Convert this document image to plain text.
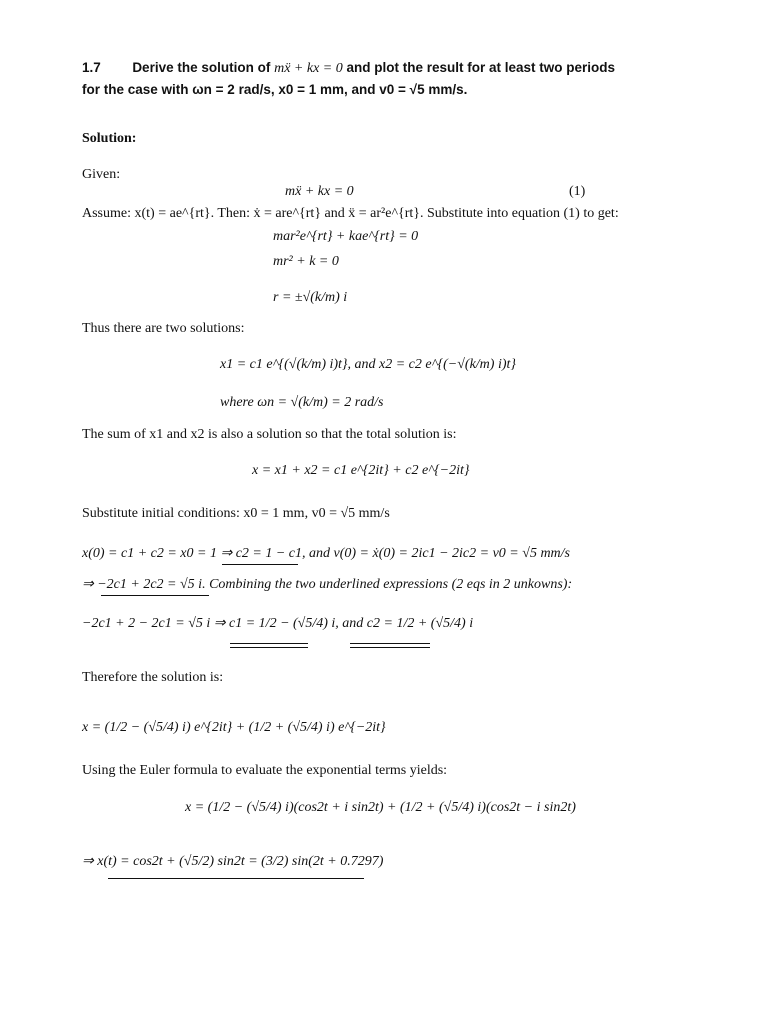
1.7 Derive the solution of mẍ + kx = 0 and plot the result for at least two periods
for the case with ωn = 2 rad/s, x0 = 1 mm, and v0 = √5 mm/s.
Solution:
Given:
mẍ + kx = 0	(1)
Assume: x(t) = ae^{rt}. Then: ẋ = are^{rt} and ẍ = ar²e^{rt}. Substitute into equation (1) to get:
mar²e^{rt} + kae^{rt} = 0
mr² + k = 0
r = ±√(k/m) i
Thus there are two solutions:
x1 = c1 e^{(√(k/m) i)t}, and x2 = c2 e^{(−√(k/m) i)t}
where ωn = √(k/m) = 2 rad/s
The sum of x1 and x2 is also a solution so that the total solution is:
x = x1 + x2 = c1 e^{2it} + c2 e^{−2it}
Substitute initial conditions: x0 = 1 mm, v0 = √5 mm/s
x(0) = c1 + c2 = x0 = 1 ⇒ c2 = 1 − c1, and v(0) = ẋ(0) = 2ic1 − 2ic2 = v0 = √5 mm/s
⇒ −2c1 + 2c2 = √5 i. Combining the two underlined expressions (2 eqs in 2 unkowns):
−2c1 + 2 − 2c1 = √5 i ⇒ c1 = 1/2 − (√5/4) i, and c2 = 1/2 + (√5/4) i
Therefore the solution is:
x = (1/2 − (√5/4) i) e^{2it} + (1/2 + (√5/4) i) e^{−2it}
Using the Euler formula to evaluate the exponential terms yields:
x = (1/2 − (√5/4) i)(cos2t + i sin2t) + (1/2 + (√5/4) i)(cos2t − i sin2t)
⇒ x(t) = cos2t + (√5/2) sin2t = (3/2) sin(2t + 0.7297)
